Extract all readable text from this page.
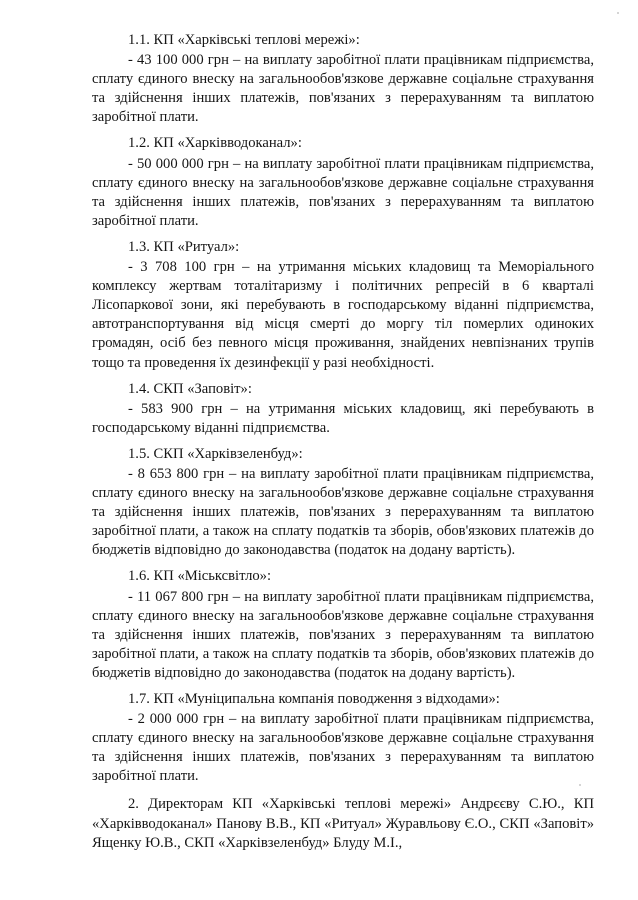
1.1. КП «Харківські теплові мережі»:
- 43 100 000 грн – на виплату заробітної плати працівникам підприємства, сплату єдиного внеску на загальнообов'язкове державне соціальне страхування та здійснення інших платежів, пов'язаних з перерахуванням та виплатою заробітної плати.
1.2. КП «Харківводоканал»:
- 50 000 000 грн – на виплату заробітної плати працівникам підприємства, сплату єдиного внеску на загальнообов'язкове державне соціальне страхування та здійснення інших платежів, пов'язаних з перерахуванням та виплатою заробітної плати.
1.3. КП «Ритуал»:
- 3 708 100 грн – на утримання міських кладовищ та Меморіального комплексу жертвам тоталітаризму і політичних репресій в 6 кварталі Лісопаркової зони, які перебувають в господарському віданні підприємства, автотранспортування від місця смерті до моргу тіл померлих одиноких громадян, осіб без певного місця проживання, знайдених невпізнаних трупів тощо та проведення їх дезинфекції у разі необхідності.
1.4. СКП «Заповіт»:
- 583 900 грн – на утримання міських кладовищ, які перебувають в господарському віданні підприємства.
1.5. СКП «Харківзеленбуд»:
- 8 653 800 грн – на виплату заробітної плати працівникам підприємства, сплату єдиного внеску на загальнообов'язкове державне соціальне страхування та здійснення інших платежів, пов'язаних з перерахуванням та виплатою заробітної плати, а також на сплату податків та зборів, обов'язкових платежів до бюджетів відповідно до законодавства (податок на додану вартість).
1.6. КП «Міськсвітло»:
- 11 067 800 грн – на виплату заробітної плати працівникам підприємства, сплату єдиного внеску на загальнообов'язкове державне соціальне страхування та здійснення інших платежів, пов'язаних з перерахуванням та виплатою заробітної плати, а також на сплату податків та зборів, обов'язкових платежів до бюджетів відповідно до законодавства (податок на додану вартість).
1.7. КП «Муніципальна компанія поводження з відходами»:
- 2 000 000 грн – на виплату заробітної плати працівникам підприємства, сплату єдиного внеску на загальнообов'язкове державне соціальне страхування та здійснення інших платежів, пов'язаних з перерахуванням та виплатою заробітної плати.
2. Директорам КП «Харківські теплові мережі» Андрєєву С.Ю., КП «Харківводоканал» Панову В.В., КП «Ритуал» Журавльову Є.О., СКП «Заповіт» Ященку Ю.В., СКП «Харківзеленбуд» Блуду М.І.,
